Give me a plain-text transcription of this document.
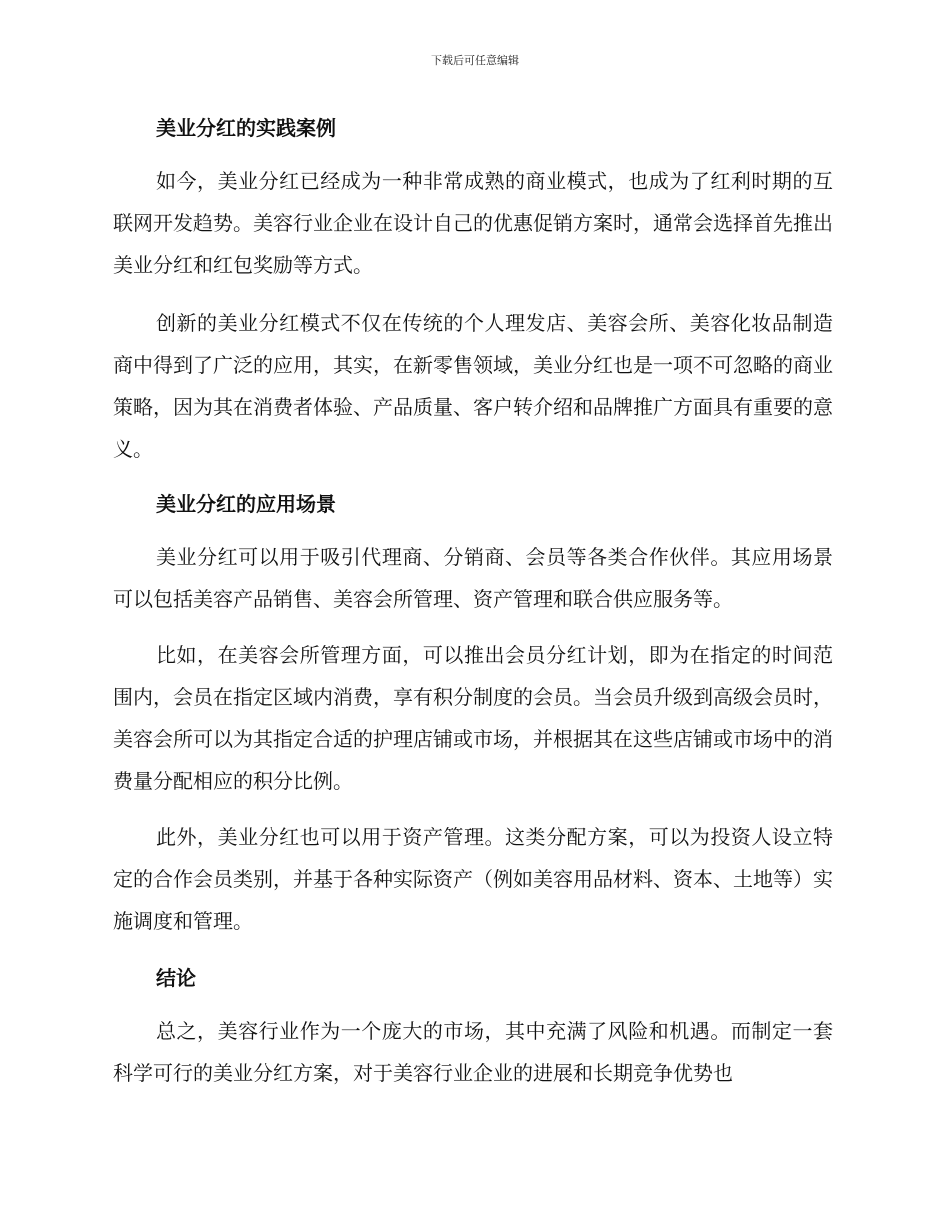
下载后可任意编辑
美业分红的实践案例

如今，美业分红已经成为一种非常成熟的商业模式，也成为了红利时期的互联网开发趋势。美容行业企业在设计自己的优惠促销方案时，通常会选择首先推出美业分红和红包奖励等方式。

创新的美业分红模式不仅在传统的个人理发店、美容会所、美容化妆品制造商中得到了广泛的应用，其实，在新零售领域，美业分红也是一项不可忽略的商业策略，因为其在消费者体验、产品质量、客户转介绍和品牌推广方面具有重要的意义。

美业分红的应用场景

美业分红可以用于吸引代理商、分销商、会员等各类合作伙伴。其应用场景可以包括美容产品销售、美容会所管理、资产管理和联合供应服务等。

比如，在美容会所管理方面，可以推出会员分红计划，即为在指定的时间范围内，会员在指定区域内消费，享有积分制度的会员。当会员升级到高级会员时，美容会所可以为其指定合适的护理店铺或市场，并根据其在这些店铺或市场中的消费量分配相应的积分比例。

此外，美业分红也可以用于资产管理。这类分配方案，可以为投资人设立特定的合作会员类别，并基于各种实际资产（例如美容用品材料、资本、土地等）实施调度和管理。

结论

总之，美容行业作为一个庞大的市场，其中充满了风险和机遇。而制定一套科学可行的美业分红方案，对于美容行业企业的进展和长期竞争优势也
